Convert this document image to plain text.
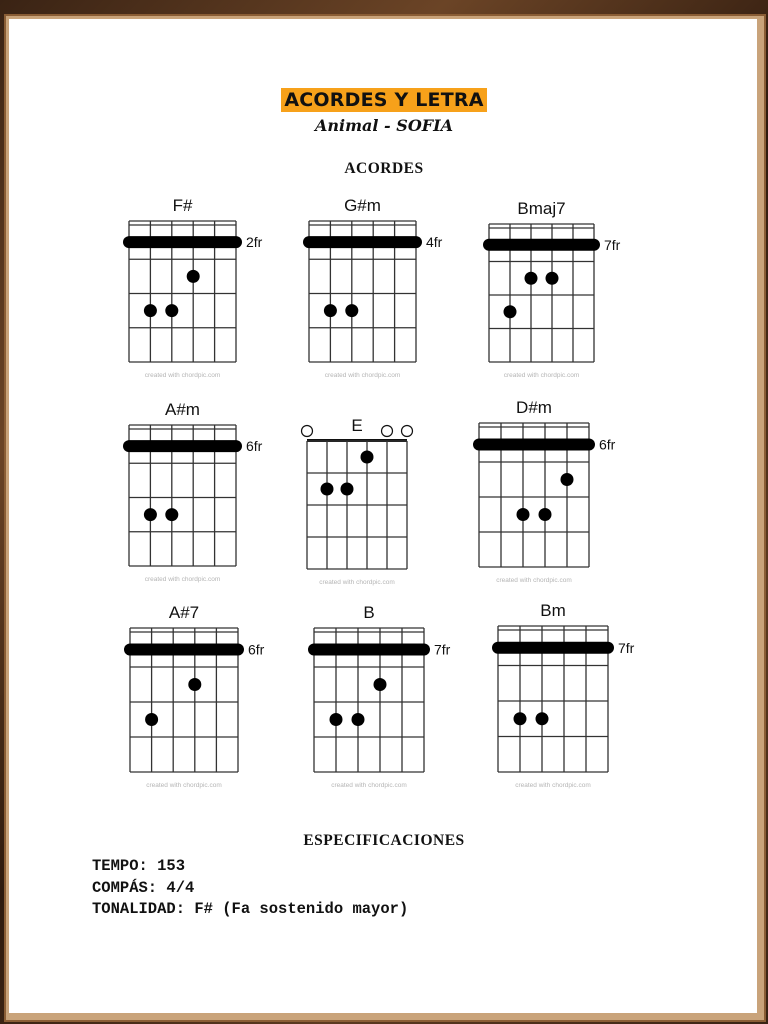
ACORDES Y LETRA
Animal - SOFIA
ACORDES
F#
2fr
created with chordpic.com
G#m
4fr
created with chordpic.com
Bmaj7
7fr
created with chordpic.com
A#m
6fr
created with chordpic.com
E
created with chordpic.com
D#m
6fr
created with chordpic.com
A#7
6fr
created with chordpic.com
B
7fr
created with chordpic.com
Bm
7fr
created with chordpic.com
ESPECIFICACIONES
TEMPO: 153
COMPÁS: 4/4
TONALIDAD: F# (Fa sostenido mayor)
